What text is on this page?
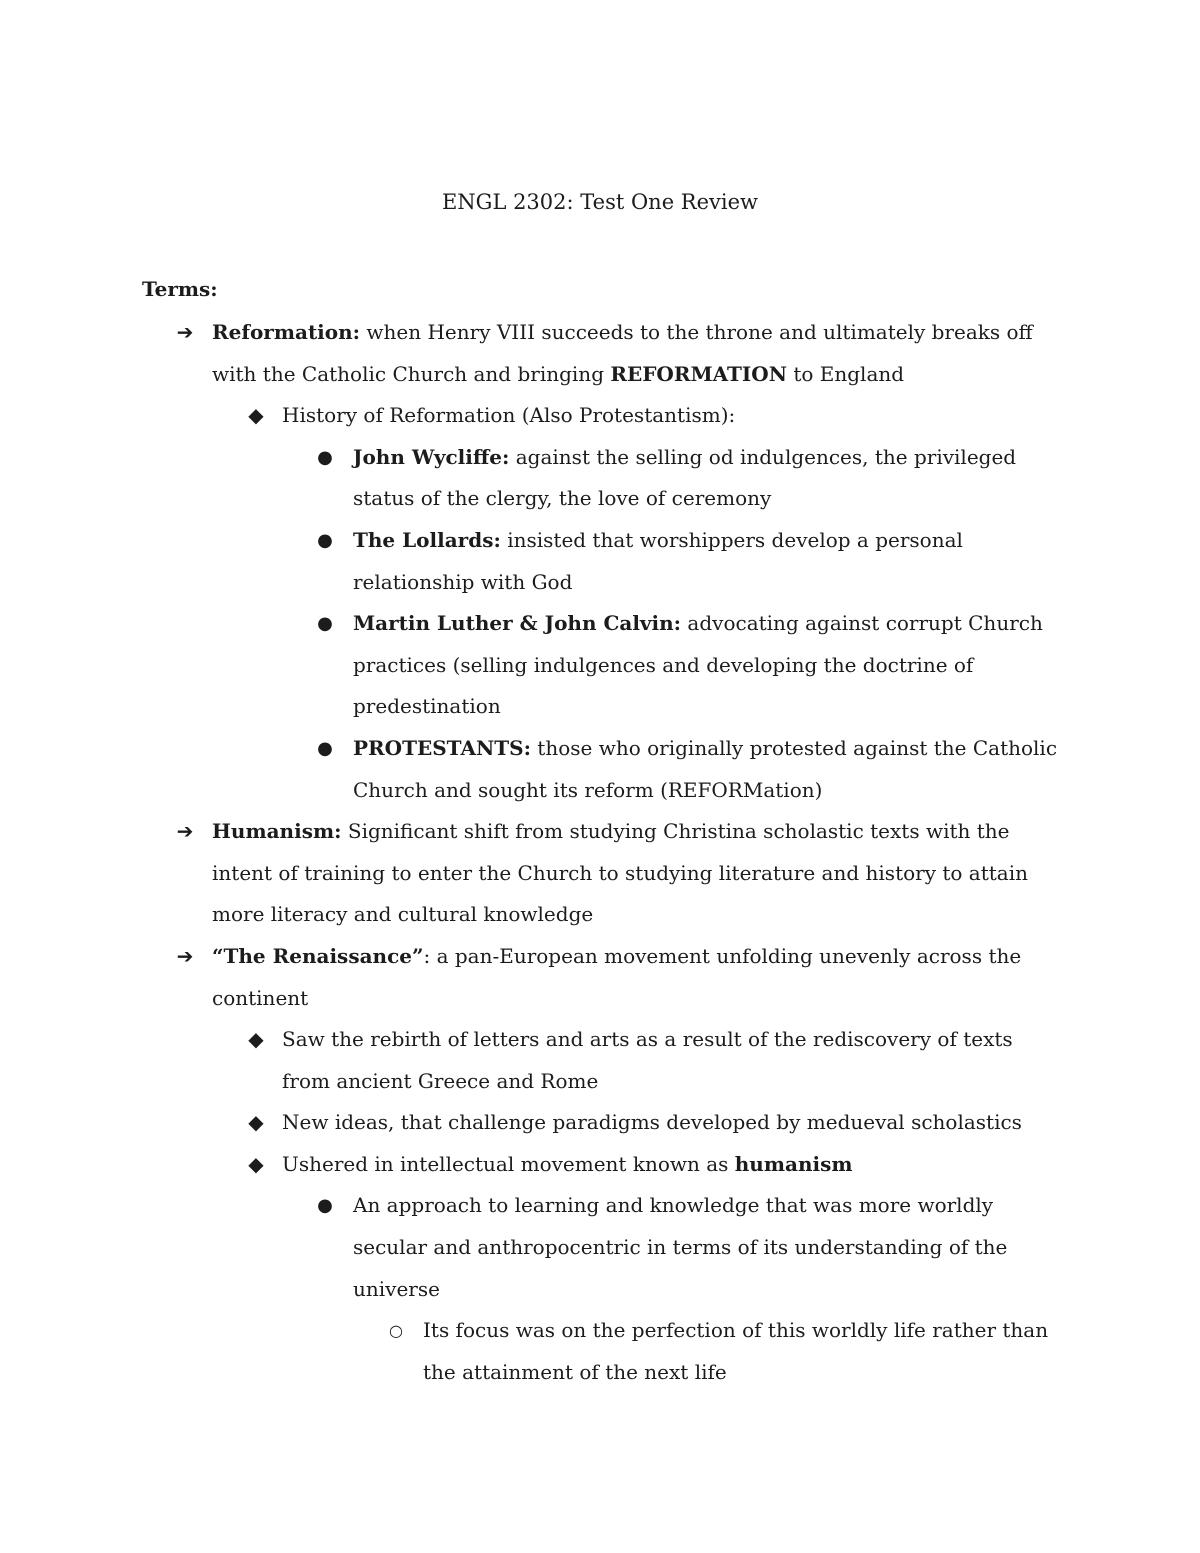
ENGL 2302: Test One Review
Terms:
➔ Reformation: when Henry VIII succeeds to the throne and ultimately breaks off with the Catholic Church and bringing REFORMATION to England
◆ History of Reformation (Also Protestantism):
● John Wycliffe: against the selling od indulgences, the privileged status of the clergy, the love of ceremony
● The Lollards: insisted that worshippers develop a personal relationship with God
● Martin Luther & John Calvin: advocating against corrupt Church practices (selling indulgences and developing the doctrine of predestination
● PROTESTANTS: those who originally protested against the Catholic Church and sought its reform (REFORMation)
➔ Humanism: Significant shift from studying Christina scholastic texts with the intent of training to enter the Church to studying literature and history to attain more literacy and cultural knowledge
➔ “The Renaissance”: a pan-European movement unfolding unevenly across the continent
◆ Saw the rebirth of letters and arts as a result of the rediscovery of texts from ancient Greece and Rome
◆ New ideas, that challenge paradigms developed by medueval scholastics
◆ Ushered in intellectual movement known as humanism
● An approach to learning and knowledge that was more worldly secular and anthropocentric in terms of its understanding of the universe
○ Its focus was on the perfection of this worldly life rather than the attainment of the next life
